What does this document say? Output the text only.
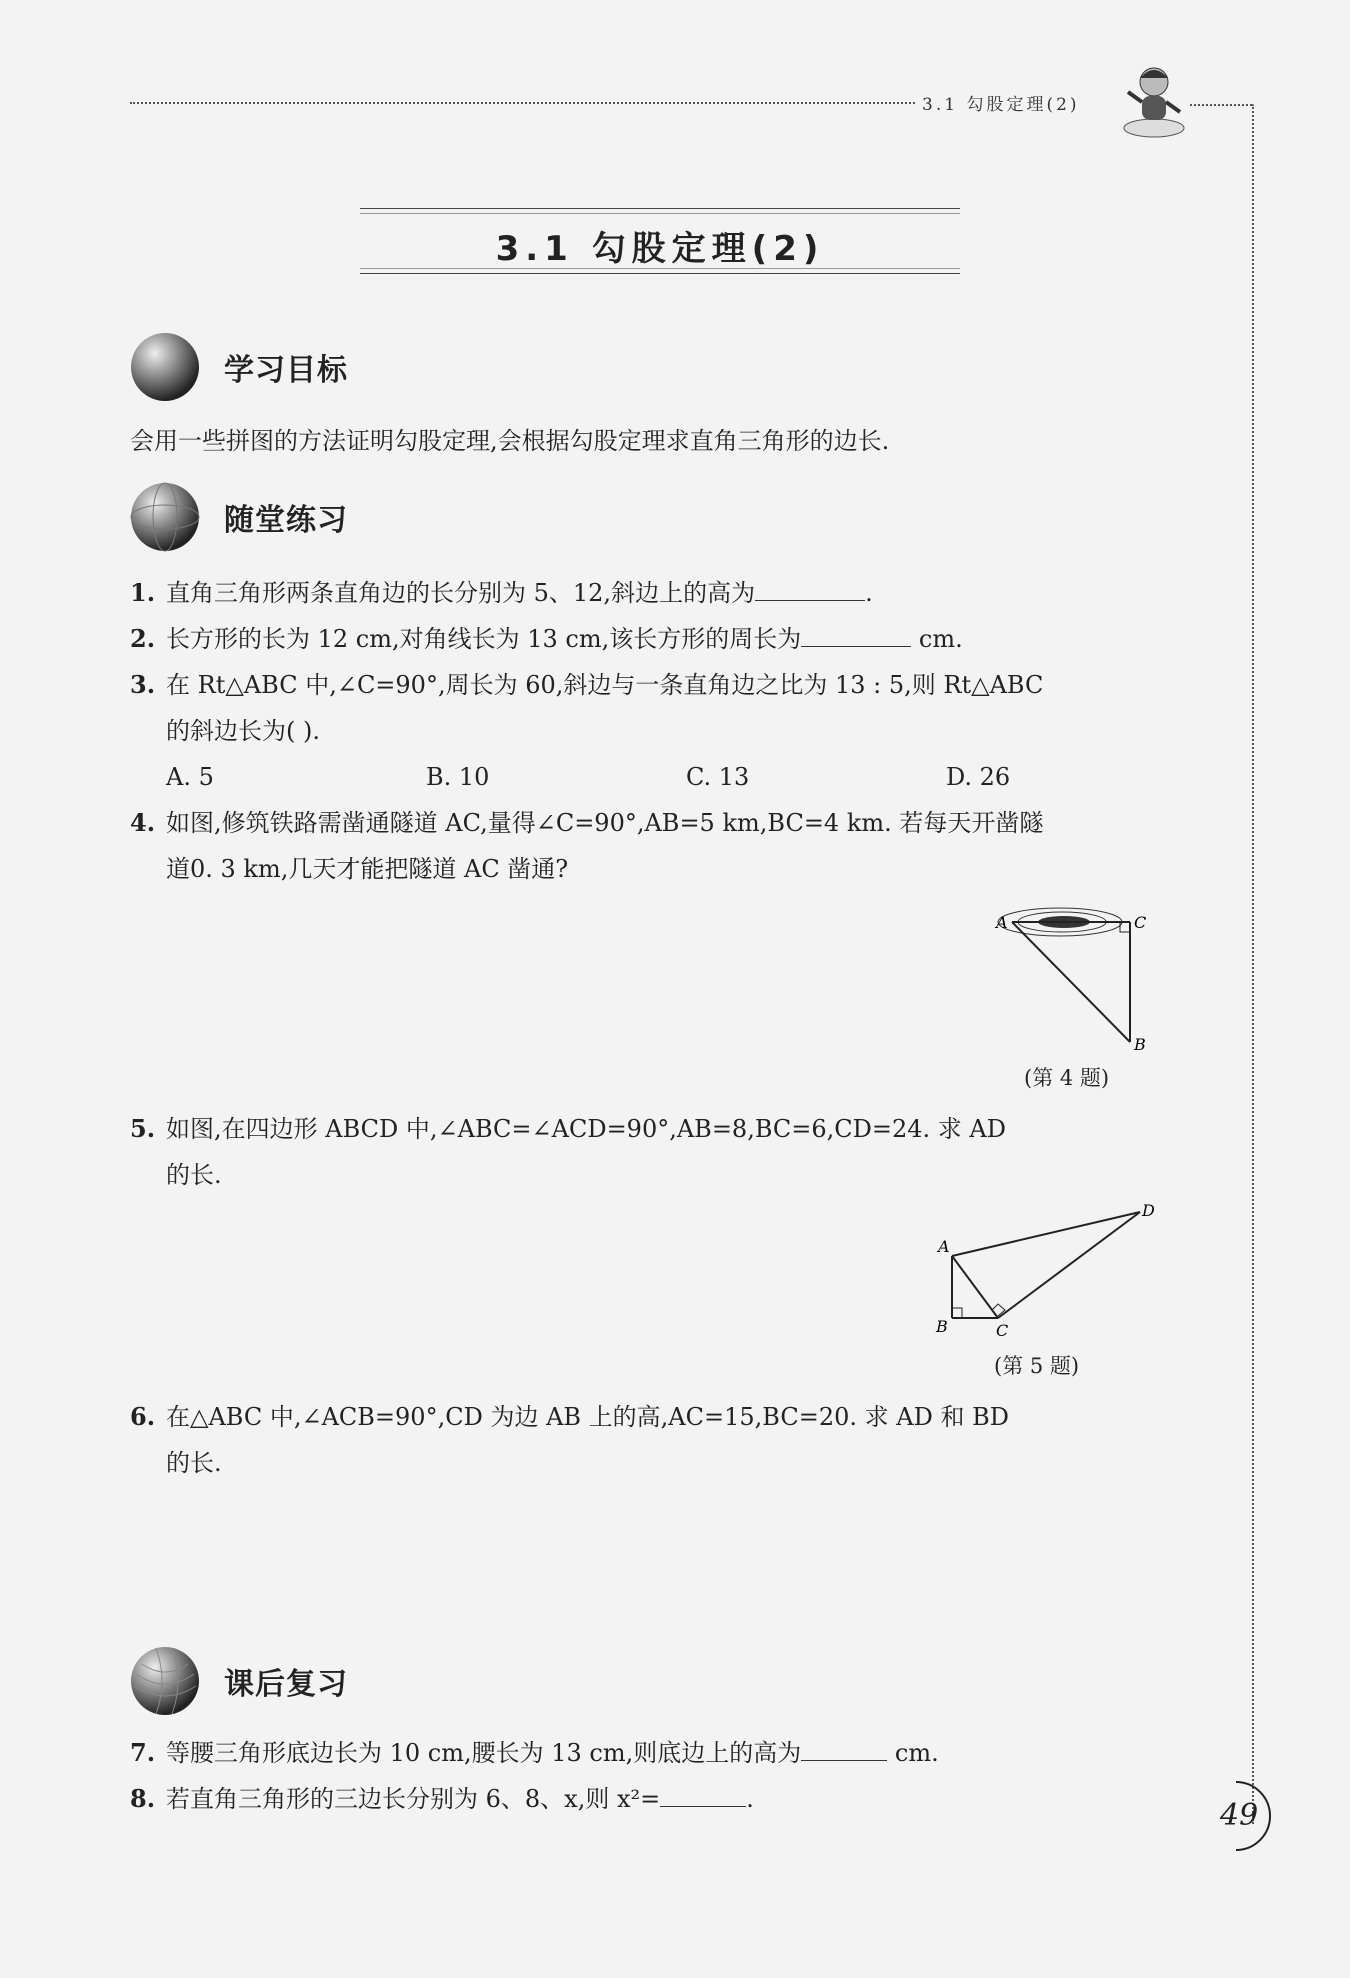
3.1 勾股定理(2)
3.1 勾股定理(2)
学习目标
会用一些拼图的方法证明勾股定理,会根据勾股定理求直角三角形的边长.
随堂练习
1. 直角三角形两条直角边的长分别为 5、12,斜边上的高为	.
2. 长方形的长为 12 cm,对角线长为 13 cm,该长方形的周长为	cm.
3. 在 Rt△ABC 中,∠C=90°,周长为 60,斜边与一条直角边之比为 13 : 5,则 Rt△ABC
的斜边长为( ).
A. 5	B. 10	C. 13	D. 26
4. 如图,修筑铁路需凿通隧道 AC,量得∠C=90°,AB=5 km,BC=4 km. 若每天开凿隧
道0. 3 km,几天才能把隧道 AC 凿通?
A	C
B
(第 4 题)
5. 如图,在四边形 ABCD 中,∠ABC=∠ACD=90°,AB=8,BC=6,CD=24. 求 AD
的长.
A
B	C
D
(第 5 题)
6. 在△ABC 中,∠ACB=90°,CD 为边 AB 上的高,AC=15,BC=20. 求 AD 和 BD
的长.
课后复习
7. 等腰三角形底边长为 10 cm,腰长为 13 cm,则底边上的高为	cm.
8. 若直角三角形的三边长分别为 6、8、x,则 x²=	.	49
